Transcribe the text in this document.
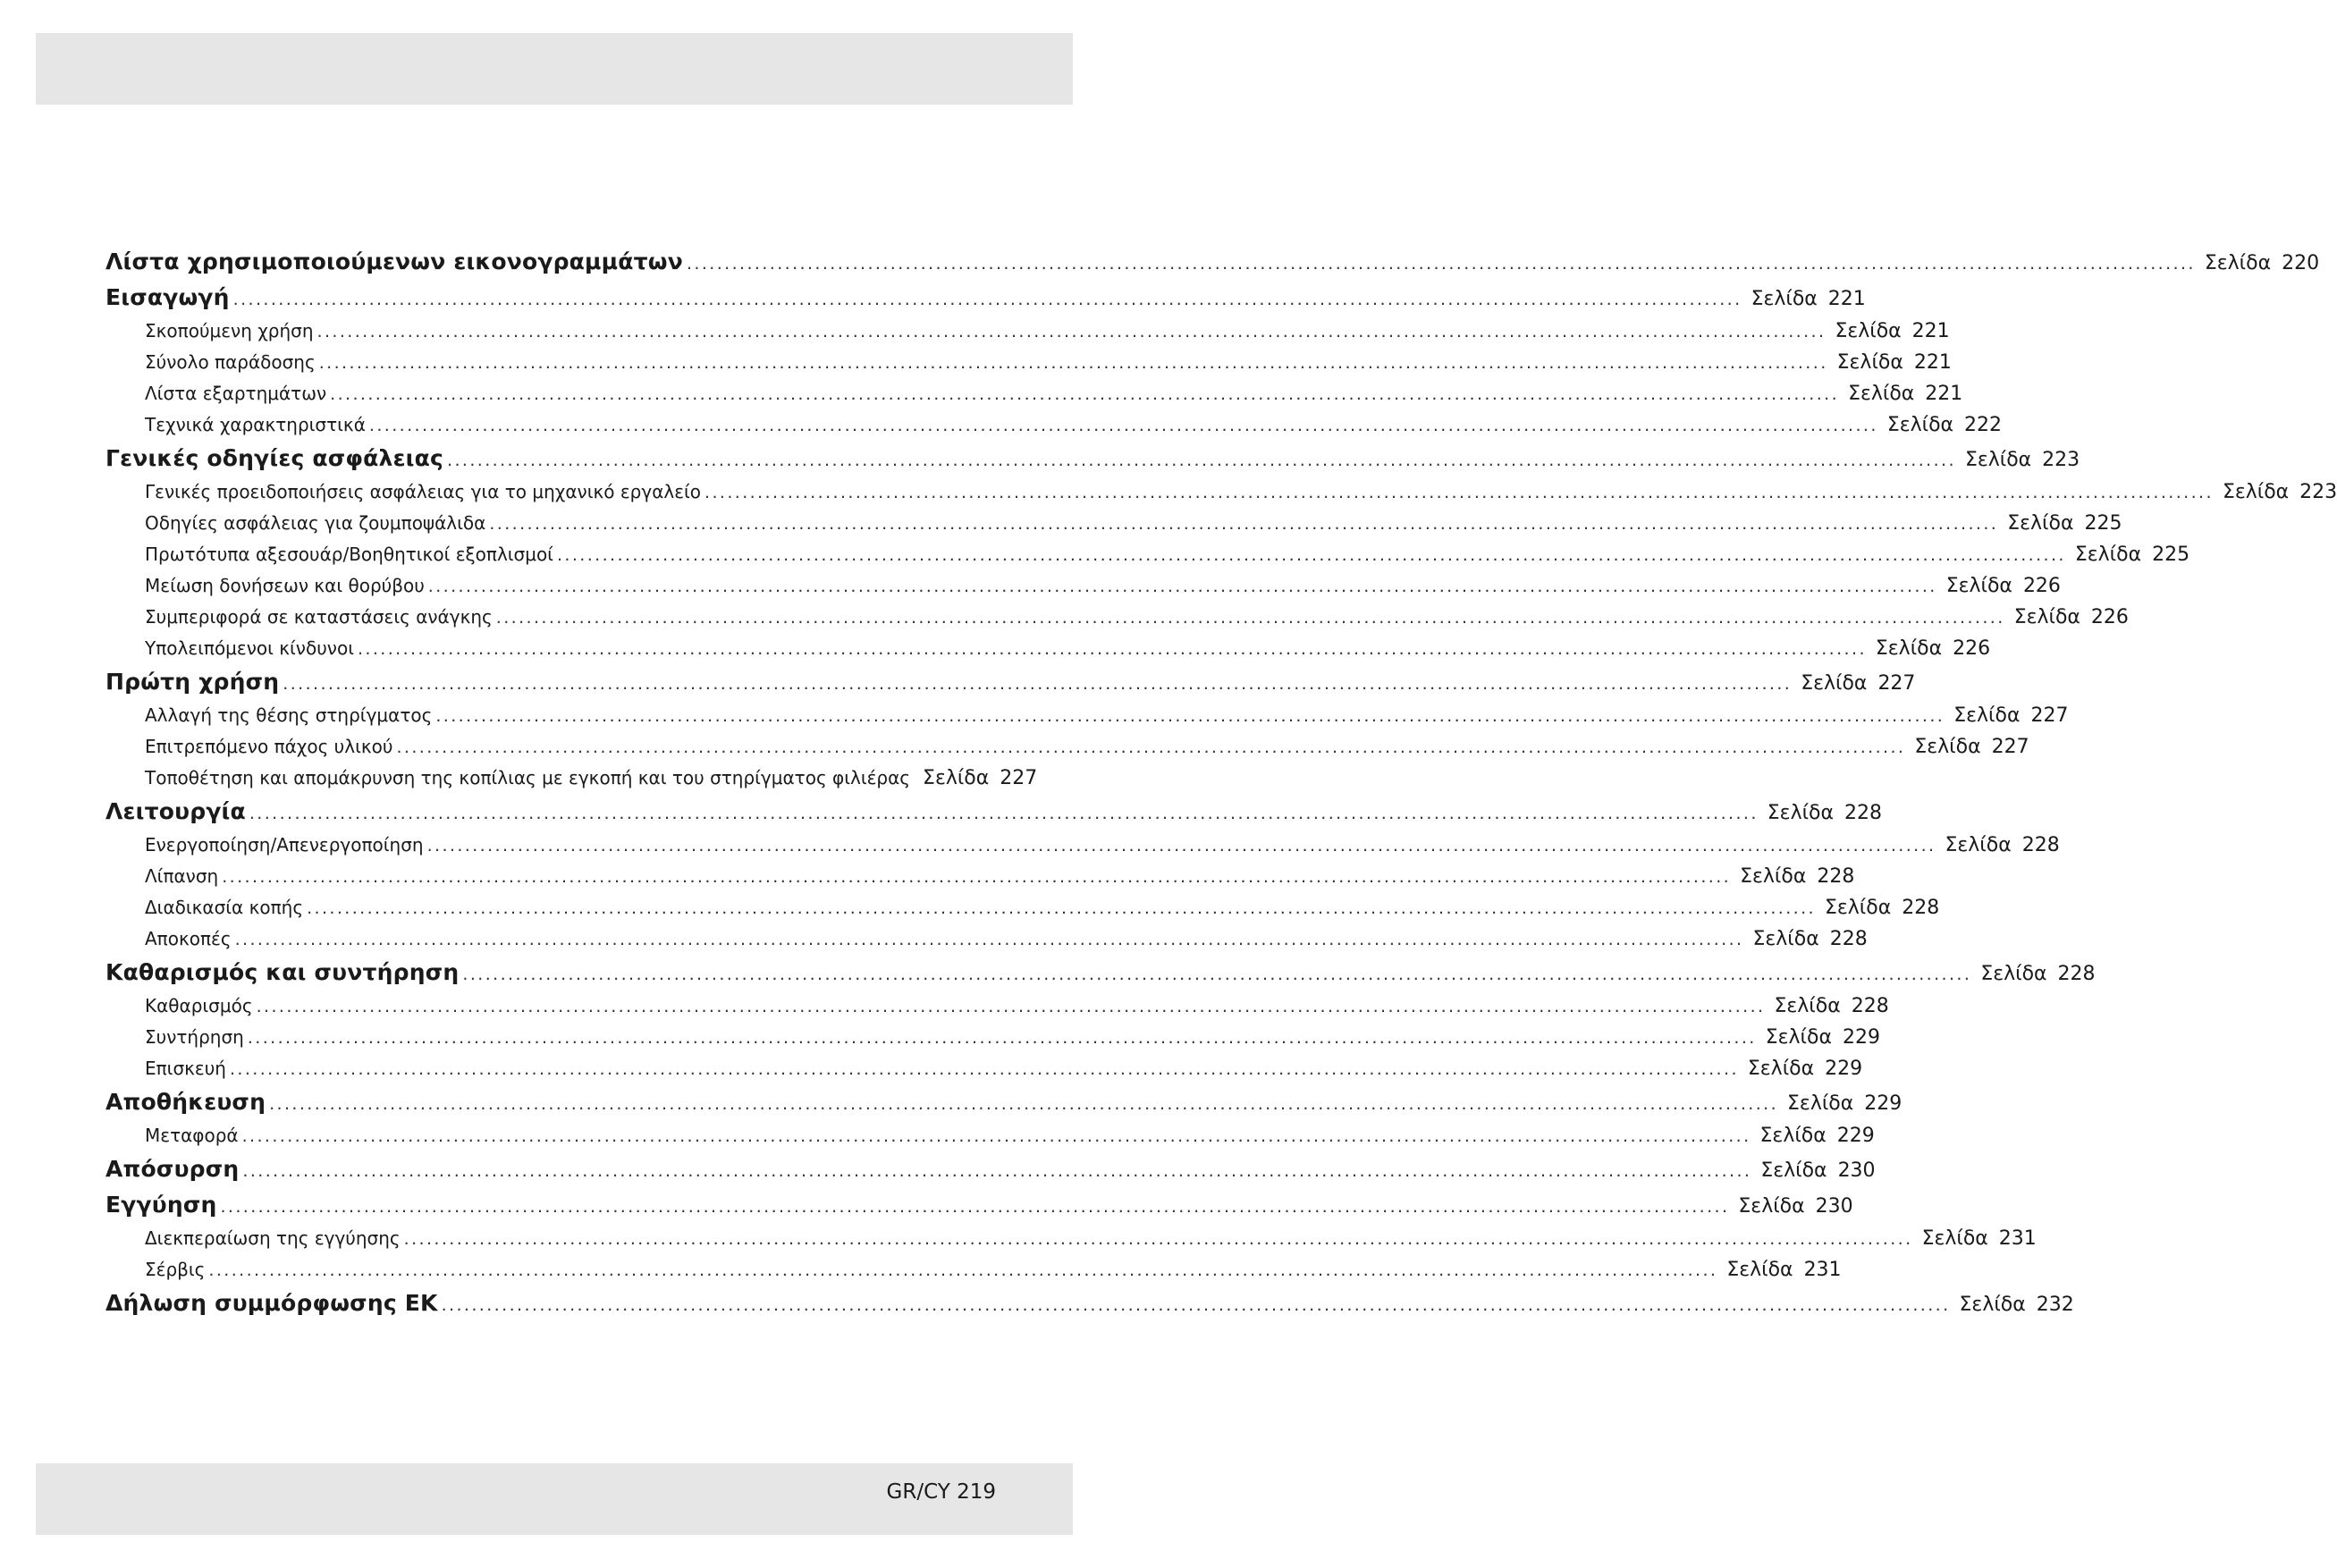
Λίστα χρησιμοποιούμενων εικονογραμμάτων ........................................................................................................................................................................................................ Σελίδα 220
Εισαγωγή ........................................................................................................................................................................................................ Σελίδα 221
Σκοπούμενη χρήση ........................................................................................................................................................................................................ Σελίδα 221
Σύνολο παράδοσης ........................................................................................................................................................................................................ Σελίδα 221
Λίστα εξαρτημάτων ........................................................................................................................................................................................................ Σελίδα 221
Τεχνικά χαρακτηριστικά ........................................................................................................................................................................................................ Σελίδα 222
Γενικές οδηγίες ασφάλειας ........................................................................................................................................................................................................ Σελίδα 223
Γενικές προειδοποιήσεις ασφάλειας για το μηχανικό εργαλείο ........................................................................................................................................................................................................ Σελίδα 223
Οδηγίες ασφάλειας για ζουμποψάλιδα ........................................................................................................................................................................................................ Σελίδα 225
Πρωτότυπα αξεσουάρ/Βοηθητικοί εξοπλισμοί ........................................................................................................................................................................................................ Σελίδα 225
Μείωση δονήσεων και θορύβου ........................................................................................................................................................................................................ Σελίδα 226
Συμπεριφορά σε καταστάσεις ανάγκης ........................................................................................................................................................................................................ Σελίδα 226
Υπολειπόμενοι κίνδυνοι ........................................................................................................................................................................................................ Σελίδα 226
Πρώτη χρήση ........................................................................................................................................................................................................ Σελίδα 227
Αλλαγή της θέσης στηρίγματος ........................................................................................................................................................................................................ Σελίδα 227
Επιτρεπόμενο πάχος υλικού ........................................................................................................................................................................................................ Σελίδα 227
Τοποθέτηση και απομάκρυνση της κοπίλιας με εγκοπή και του στηρίγματος φιλιέρας Σελίδα 227
Λειτουργία ........................................................................................................................................................................................................ Σελίδα 228
Ενεργοποίηση/Απενεργοποίηση ........................................................................................................................................................................................................ Σελίδα 228
Λίπανση ........................................................................................................................................................................................................ Σελίδα 228
Διαδικασία κοπής ........................................................................................................................................................................................................ Σελίδα 228
Αποκοπές ........................................................................................................................................................................................................ Σελίδα 228
Καθαρισμός και συντήρηση ........................................................................................................................................................................................................ Σελίδα 228
Καθαρισμός ........................................................................................................................................................................................................ Σελίδα 228
Συντήρηση ........................................................................................................................................................................................................ Σελίδα 229
Επισκευή ........................................................................................................................................................................................................ Σελίδα 229
Αποθήκευση ........................................................................................................................................................................................................ Σελίδα 229
Μεταφορά ........................................................................................................................................................................................................ Σελίδα 229
Απόσυρση ........................................................................................................................................................................................................ Σελίδα 230
Εγγύηση ........................................................................................................................................................................................................ Σελίδα 230
Διεκπεραίωση της εγγύησης ........................................................................................................................................................................................................ Σελίδα 231
Σέρβις ........................................................................................................................................................................................................ Σελίδα 231
Δήλωση συμμόρφωσης ΕΚ ........................................................................................................................................................................................................ Σελίδα 232
GR/CY 219
